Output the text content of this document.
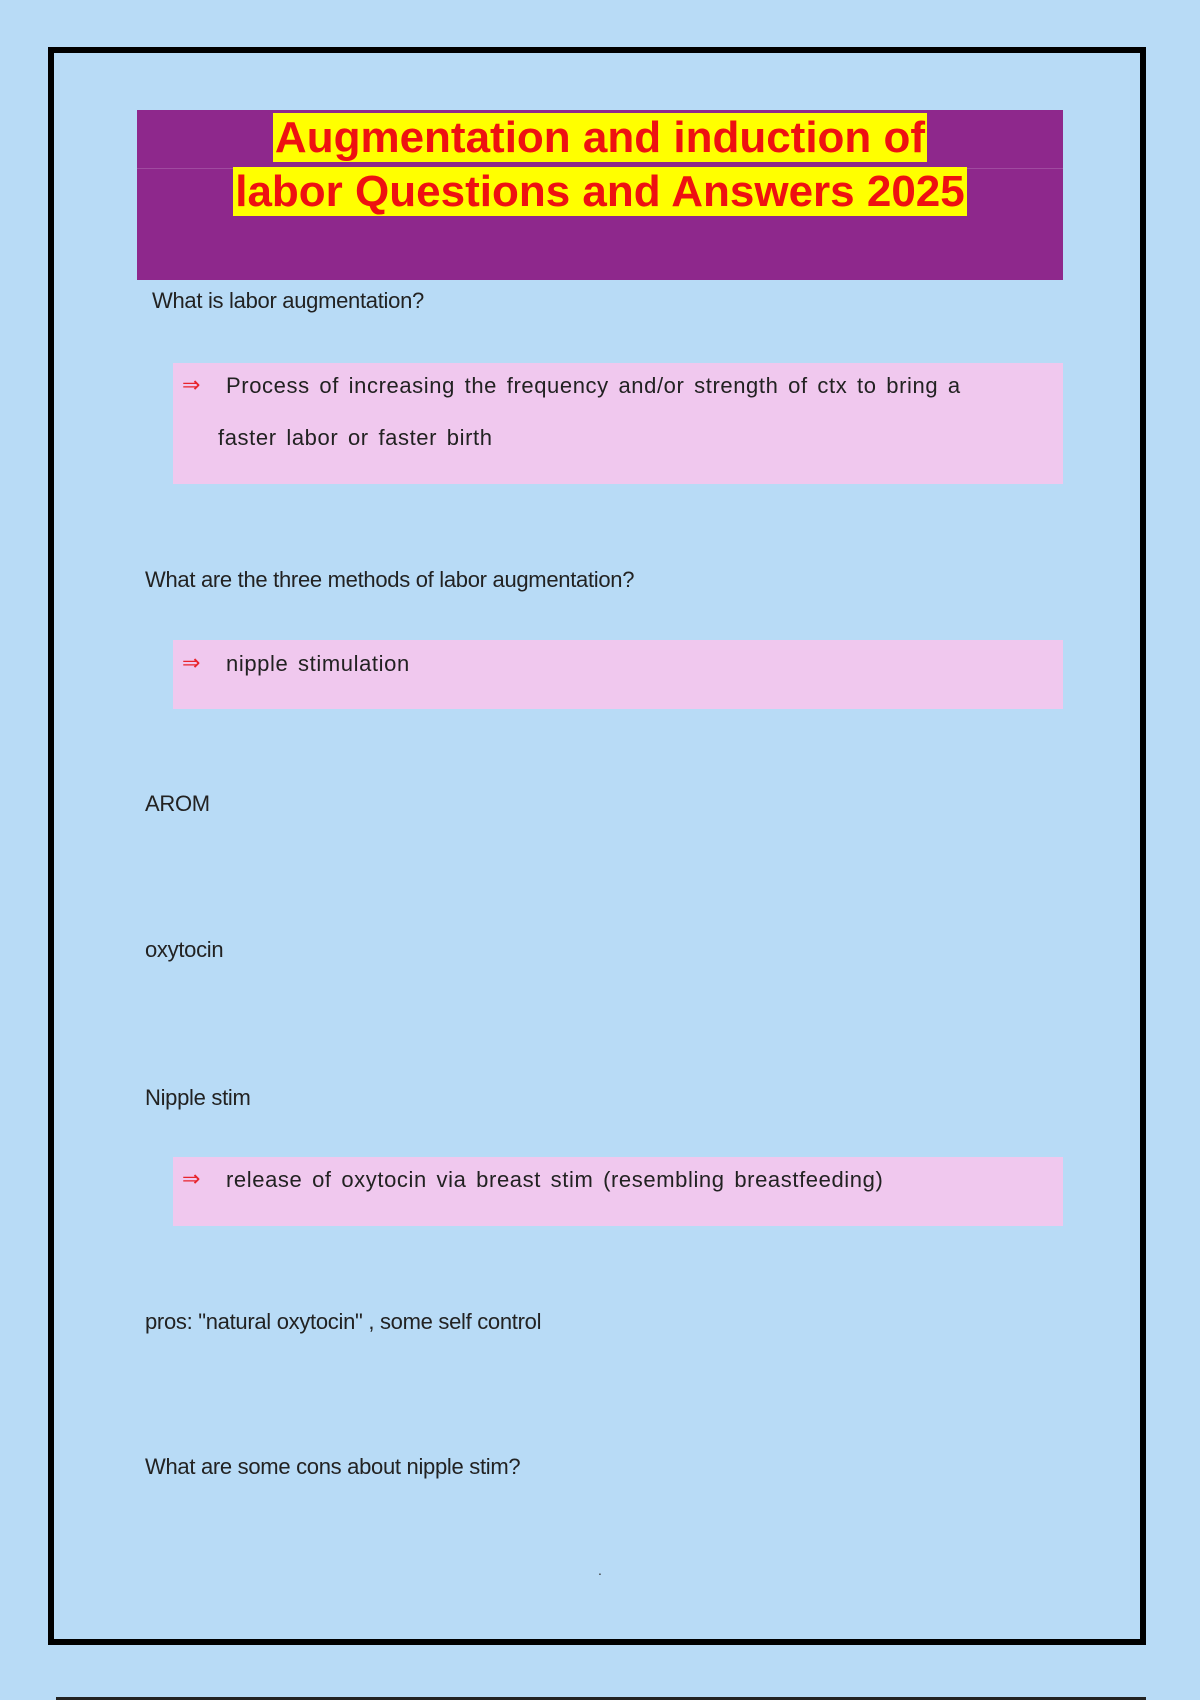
Augmentation and induction of
labor Questions and Answers 2025
What is labor augmentation?
⇒ Process of increasing the frequency and/or strength of ctx to bring a
faster labor or faster birth
What are the three methods of labor augmentation?
⇒ nipple stimulation
AROM
oxytocin
Nipple stim
⇒ release of oxytocin via breast stim (resembling breastfeeding)
pros: "natural oxytocin" , some self control
What are some cons about nipple stim?
.
